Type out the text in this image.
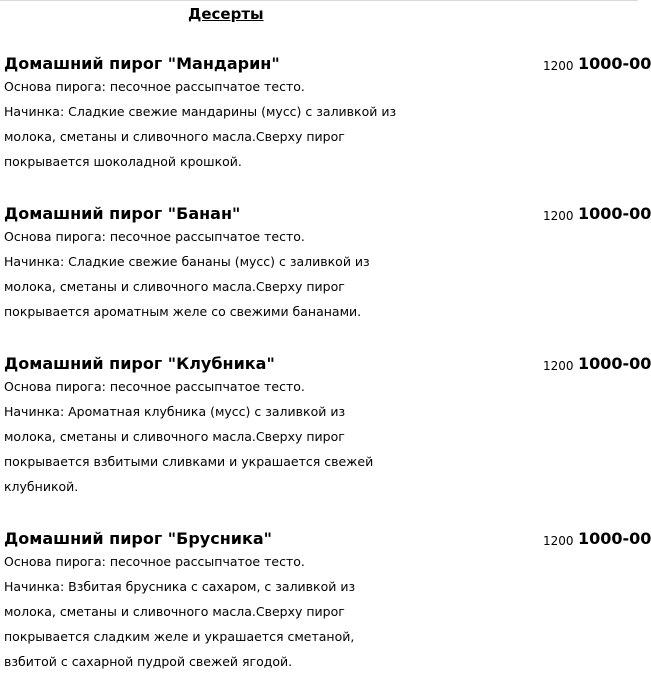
Десерты
Домашний пирог "Мандарин"	1200 1000-00
Основа пирога: песочное рассыпчатое тесто.
Начинка: Сладкие свежие мандарины (мусс) с заливкой из
молока, сметаны и сливочного масла.Сверху пирог
покрывается шоколадной крошкой.
Домашний пирог "Банан"	1200 1000-00
Основа пирога: песочное рассыпчатое тесто.
Начинка: Сладкие свежие бананы (мусс) с заливкой из
молока, сметаны и сливочного масла.Сверху пирог
покрывается ароматным желе со свежими бананами.
Домашний пирог "Клубника"	1200 1000-00
Основа пирога: песочное рассыпчатое тесто.
Начинка: Ароматная клубника (мусс) с заливкой из
молока, сметаны и сливочного масла.Сверху пирог
покрывается взбитыми сливками и украшается свежей
клубникой.
Домашний пирог "Брусника"	1200 1000-00
Основа пирога: песочное рассыпчатое тесто.
Начинка: Взбитая брусника с сахаром, с заливкой из
молока, сметаны и сливочного масла.Сверху пирог
покрывается сладким желе и украшается сметаной,
взбитой с сахарной пудрой свежей ягодой.
